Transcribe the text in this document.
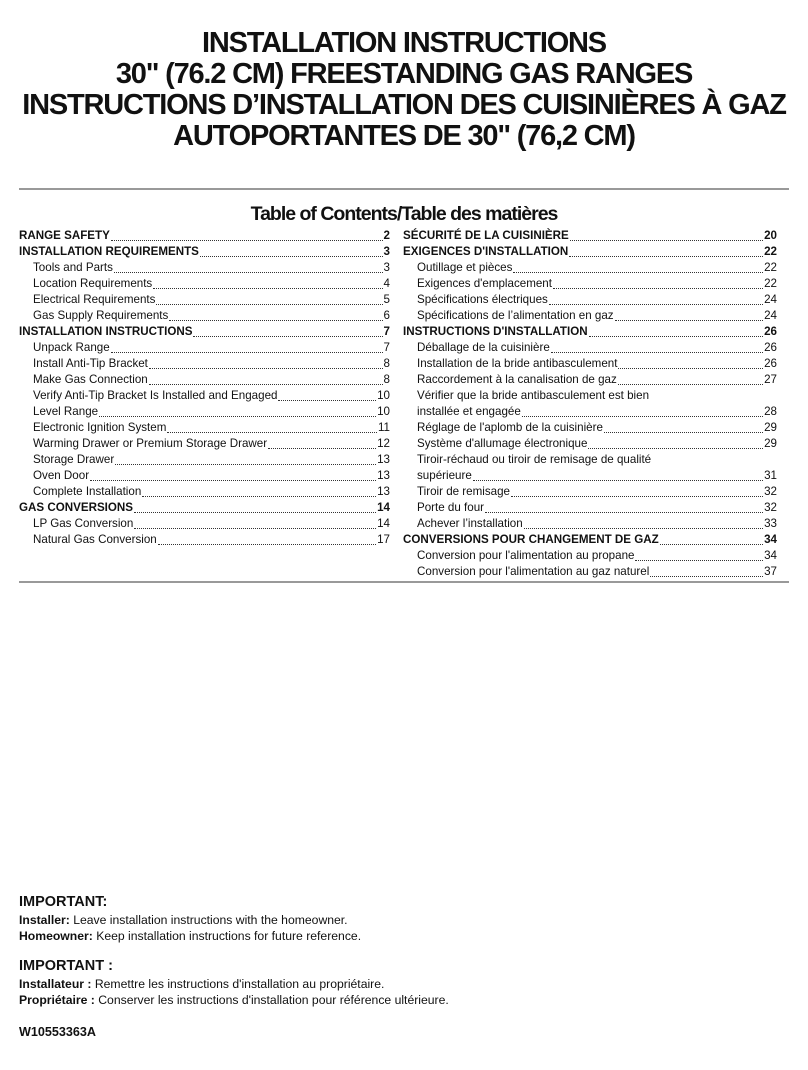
INSTALLATION INSTRUCTIONS
30" (76.2 CM) FREESTANDING GAS RANGES
INSTRUCTIONS D’INSTALLATION DES CUISINIÈRES À GAZ
AUTOPORTANTES DE 30" (76,2 CM)
Table of Contents/Table des matières
RANGE SAFETY	2
INSTALLATION REQUIREMENTS	3
Tools and Parts	3
Location Requirements	4
Electrical Requirements	5
Gas Supply Requirements	6
INSTALLATION INSTRUCTIONS	7
Unpack Range	7
Install Anti-Tip Bracket	8
Make Gas Connection	8
Verify Anti-Tip Bracket Is Installed and Engaged	10
Level Range	10
Electronic Ignition System	11
Warming Drawer or Premium Storage Drawer	12
Storage Drawer	13
Oven Door	13
Complete Installation	13
GAS CONVERSIONS	14
LP Gas Conversion	14
Natural Gas Conversion	17
SÉCURITÉ DE LA CUISINIÈRE	20
EXIGENCES D'INSTALLATION	22
Outillage et pièces	22
Exigences d'emplacement	22
Spécifications électriques	24
Spécifications de l’alimentation en gaz	24
INSTRUCTIONS D'INSTALLATION	26
Déballage de la cuisinière	26
Installation de la bride antibasculement	26
Raccordement à la canalisation de gaz	27
Vérifier que la bride antibasculement est bien
installée et engagée	28
Réglage de l'aplomb de la cuisinière	29
Système d'allumage électronique	29
Tiroir-réchaud ou tiroir de remisage de qualité
supérieure	31
Tiroir de remisage	32
Porte du four	32
Achever l’installation	33
CONVERSIONS POUR CHANGEMENT DE GAZ	34
Conversion pour l'alimentation au propane	34
Conversion pour l'alimentation au gaz naturel	37
IMPORTANT:
Installer: Leave installation instructions with the homeowner.
Homeowner: Keep installation instructions for future reference.
IMPORTANT :
Installateur : Remettre les instructions d'installation au propriétaire.
Propriétaire : Conserver les instructions d'installation pour référence ultérieure.
W10553363A
